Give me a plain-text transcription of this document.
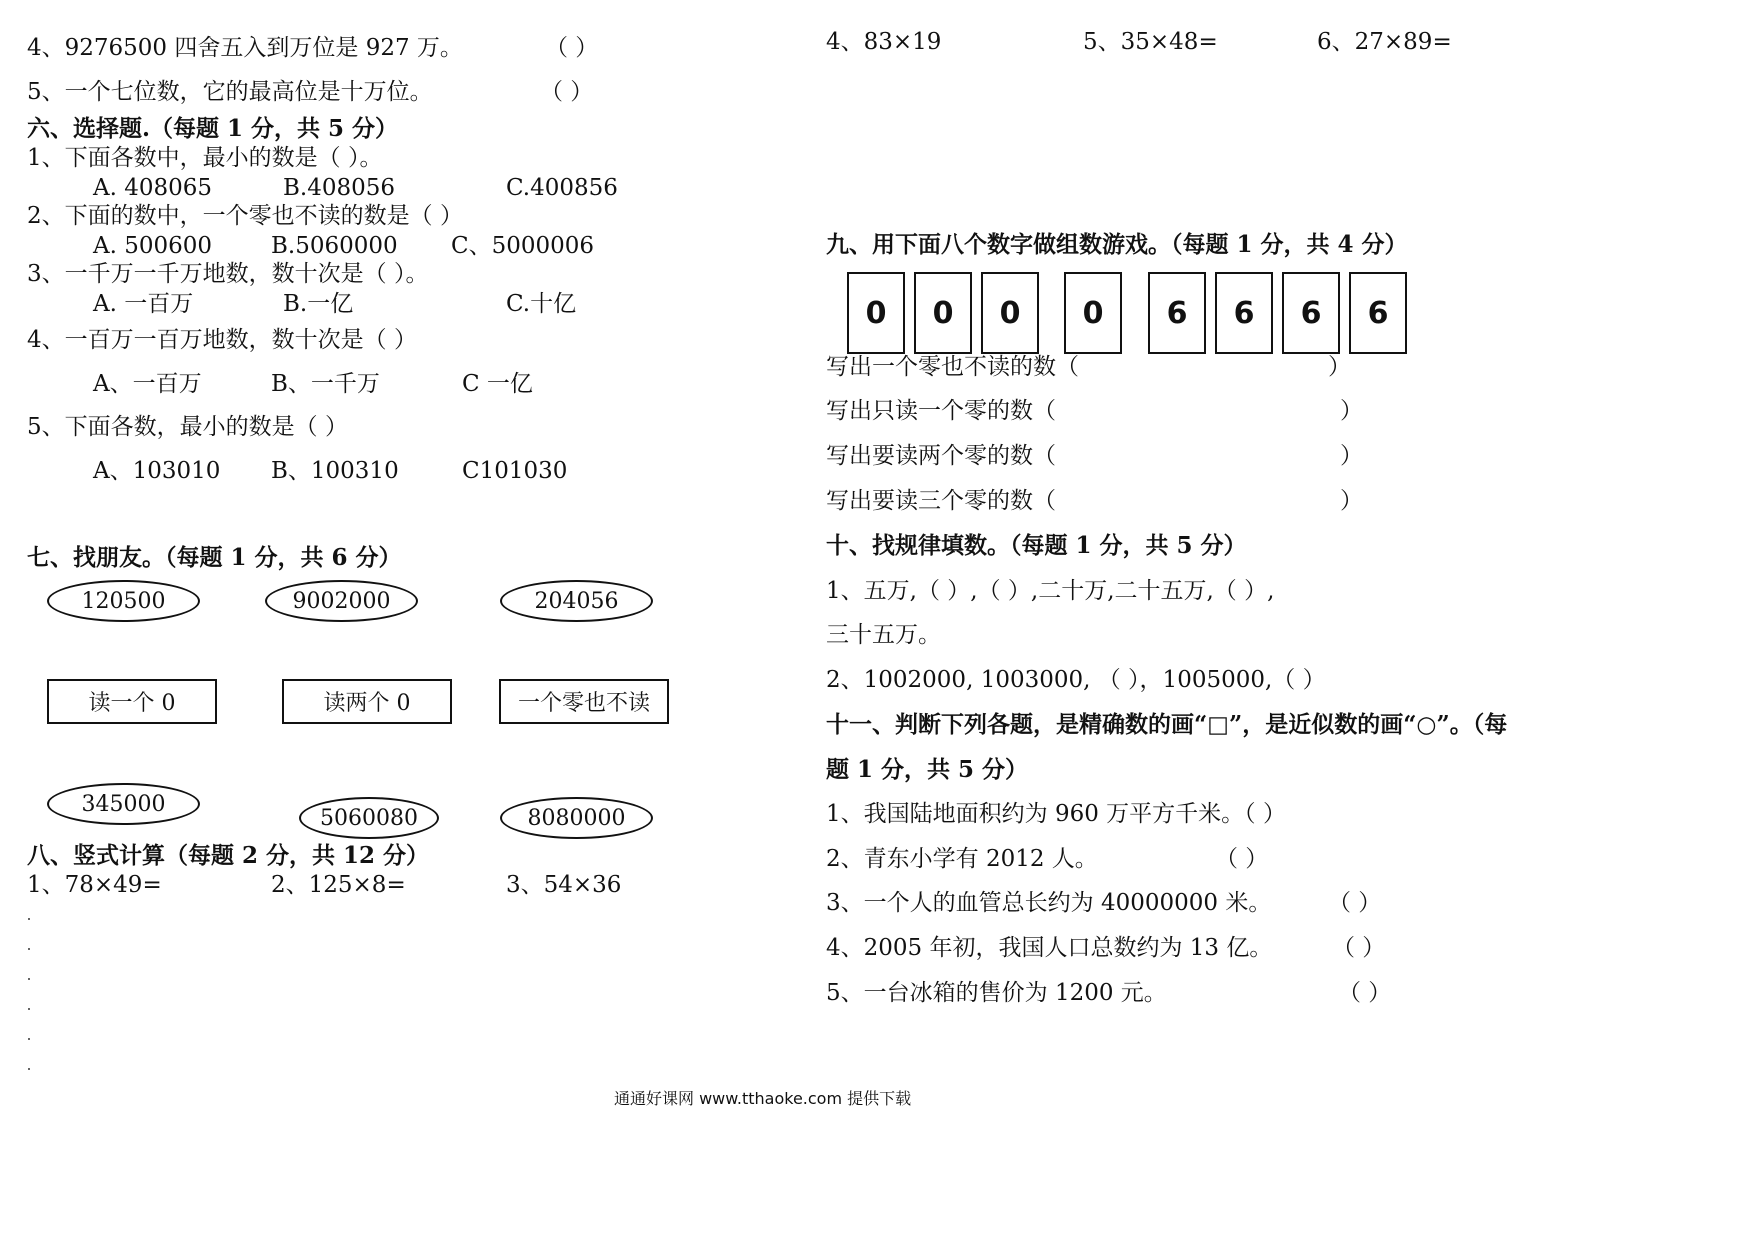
4、9276500 四舍五入到万位是 927 万。	（ ）
5、一个七位数，它的最高位是十万位。	（ ）
六、选择题.（每题 1 分，共 5 分）
1、下面各数中，最小的数是（ ）。
A. 408065	B.408056	C.400856
2、下面的数中，一个零也不读的数是（ ）
A. 500600	B.5060000 C、5000006
3、一千万一千万地数，数十次是（ ）。
A. 一百万	B.一亿	C.十亿
4、一百万一百万地数，数十次是（ ）
A、一百万	B、一千万	C 一亿
5、下面各数，最小的数是（ ）
A、103010 B、100310	C101030
七、找朋友。（每题 1 分，共 6 分）
120500	9002000	204056
读一个 0	读两个 0	一个零也不读
345000
5060080	8080000
八、竖式计算（每题 2 分，共 12 分）
1、78×49=	2、125×8=	3、54×36
4、83×19	5、35×48=	6、27×89=
九、用下面八个数字做组数游戏。（每题 1 分，共 4 分）
0	0	0	0	6	6	6	6
写出一个零也不读的数（	）
写出只读一个零的数（	）
写出要读两个零的数（	）
写出要读三个零的数（	）
十、找规律填数。（每题 1 分，共 5 分）
1、五万,（ ）,（ ）,二十万,二十五万,（ ）,
三十五万。
2、1002000, 1003000, （ ），1005000,（ ）
十一、判断下列各题，是精确数的画“□”，是近似数的画“○”。（每
题 1 分，共 5 分）
1、我国陆地面积约为 960 万平方千米。（ ）
2、青东小学有 2012 人。	（ ）
3、一个人的血管总长约为 40000000 米。 （ ）
4、2005 年初，我国人口总数约为 13 亿。	（ ）
5、一台冰箱的售价为 1200 元。	（ ）
通通好课网 www.tthaoke.com 提供下载
